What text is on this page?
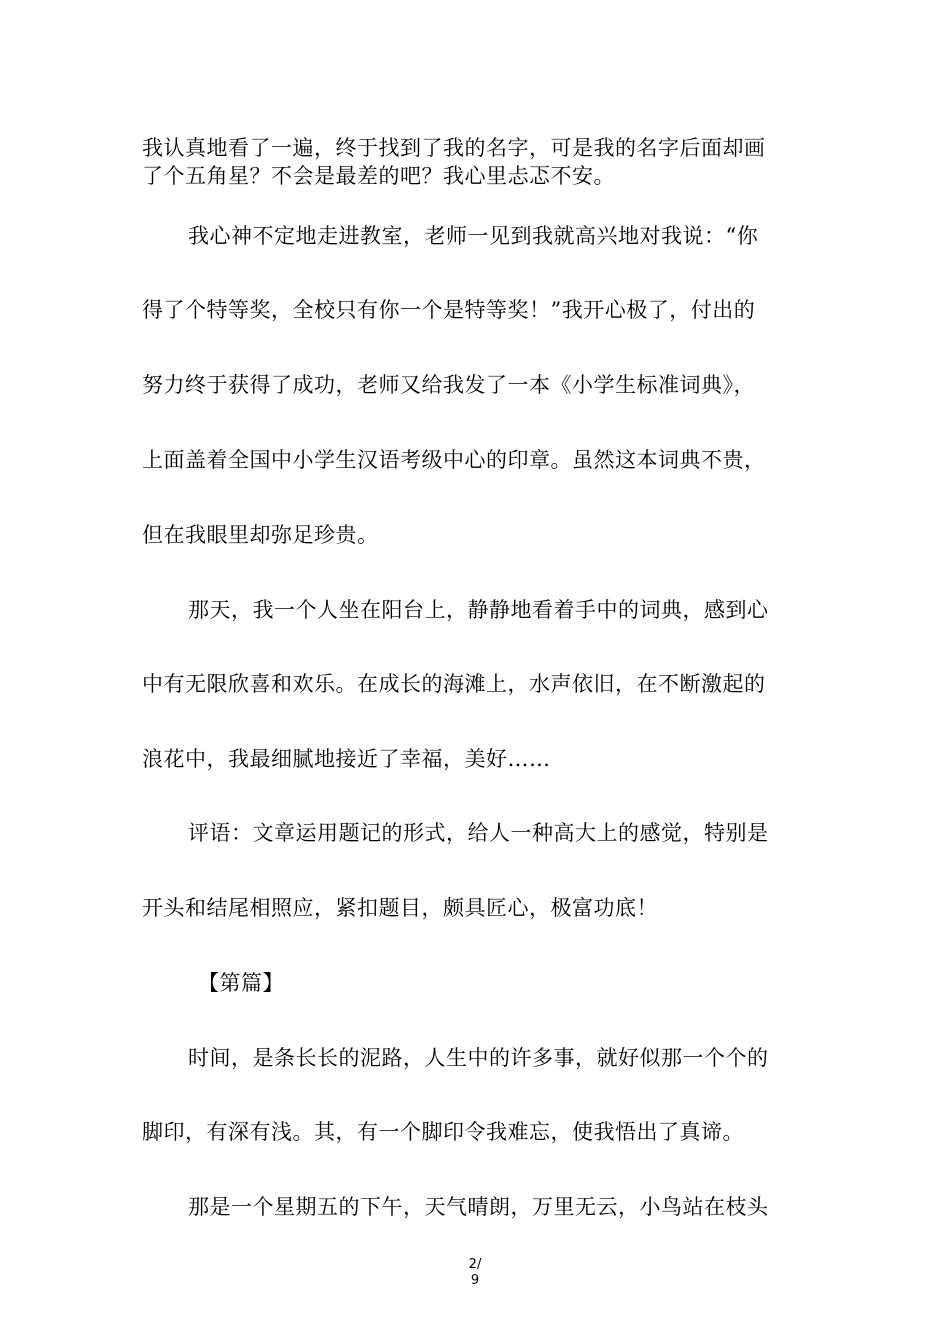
我认真地看了一遍，终于找到了我的名字，可是我的名字后面却画
了个五角星？不会是最差的吧？我心里忐忑不安。
我心神不定地走进教室，老师一见到我就高兴地对我说：“你
得了个特等奖，全校只有你一个是特等奖！”我开心极了，付出的
努力终于获得了成功，老师又给我发了一本《小学生标准词典》，
上面盖着全国中小学生汉语考级中心的印章。虽然这本词典不贵，
但在我眼里却弥足珍贵。
那天，我一个人坐在阳台上，静静地看着手中的词典，感到心
中有无限欣喜和欢乐。在成长的海滩上，水声依旧，在不断激起的
浪花中，我最细腻地接近了幸福，美好……
评语：文章运用题记的形式，给人一种高大上的感觉，特别是
开头和结尾相照应，紧扣题目，颇具匠心，极富功底！
【第篇】
时间，是条长长的泥路，人生中的许多事，就好似那一个个的
脚印，有深有浅。其，有一个脚印令我难忘，使我悟出了真谛。
那是一个星期五的下午，天气晴朗，万里无云，小鸟站在枝头
2/
9
